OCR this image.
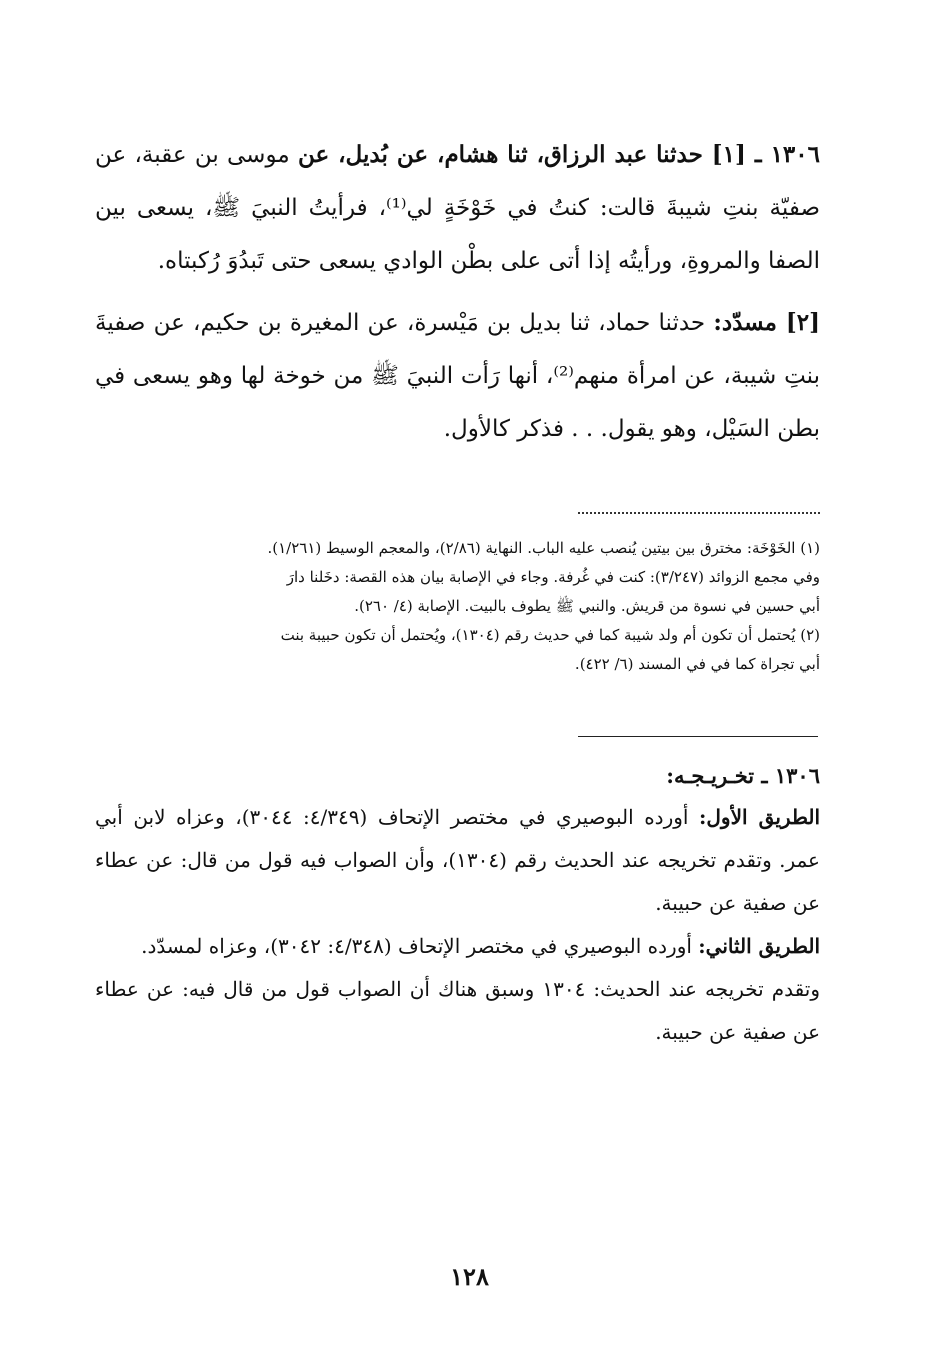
١٣٠٦ ـ [١] حدثنا عبد الرزاق، ثنا هشام، عن بُديل، عن موسى بن عقبة، عن صفيّة بنتِ شيبةَ قالت: كنتُ في خَوْخَةٍ لي⁽¹⁾، فرأيتُ النبيَ ﷺ، يسعى بين الصفا والمروةِ، ورأيتُه إذا أتى على بطْن الوادي يسعى حتى تَبدُوَ رُكبتاه.

[٢] مسدّد: حدثنا حماد، ثنا بديل بن مَيْسرة، عن المغيرة بن حكيم، عن صفيةَ بنتِ شيبة، عن امرأة منهم⁽²⁾، أنها رَأت النبيَ ﷺ من خوخة لها وهو يسعى في بطن السَيْل، وهو يقول. . . فذكر كالأول.

(١) الخَوْخَة: مخترق بين بيتين يُنصب عليه الباب. النهاية (٢/٨٦)، والمعجم الوسيط (١/٢٦١).

وفي مجمع الزوائد (٣/٢٤٧): كنت في غُرفة. وجاء في الإصابة بيان هذه القصة: دخَلنا دارَ

أبي حسين في نسوة من قريش. والنبي ﷺ يطوف بالبيت. الإصابة (٤/ ٢٦٠).

(٢) يُحتمل أن تكون أم ولد شيبة كما في حديث رقم (١٣٠٤)، ويُحتمل أن تكون حبيبة بنت

أبي تجراة كما في في المسند (٦/ ٤٢٢).

١٣٠٦ ـ تخـريـجـه:

الطريق الأول: أورده البوصيري في مختصر الإتحاف (٤/٣٤٩: ٣٠٤٤)، وعزاه لابن أبي عمر. وتقدم تخريجه عند الحديث رقم (١٣٠٤)، وأن الصواب فيه قول من قال: عن عطاء عن صفية عن حبيبة.

الطريق الثاني: أورده البوصيري في مختصر الإتحاف (٤/٣٤٨: ٣٠٤٢)، وعزاه لمسدّد.

وتقدم تخريجه عند الحديث: ١٣٠٤ وسبق هناك أن الصواب قول من قال فيه: عن عطاء عن صفية عن حبيبة.

١٢٨
